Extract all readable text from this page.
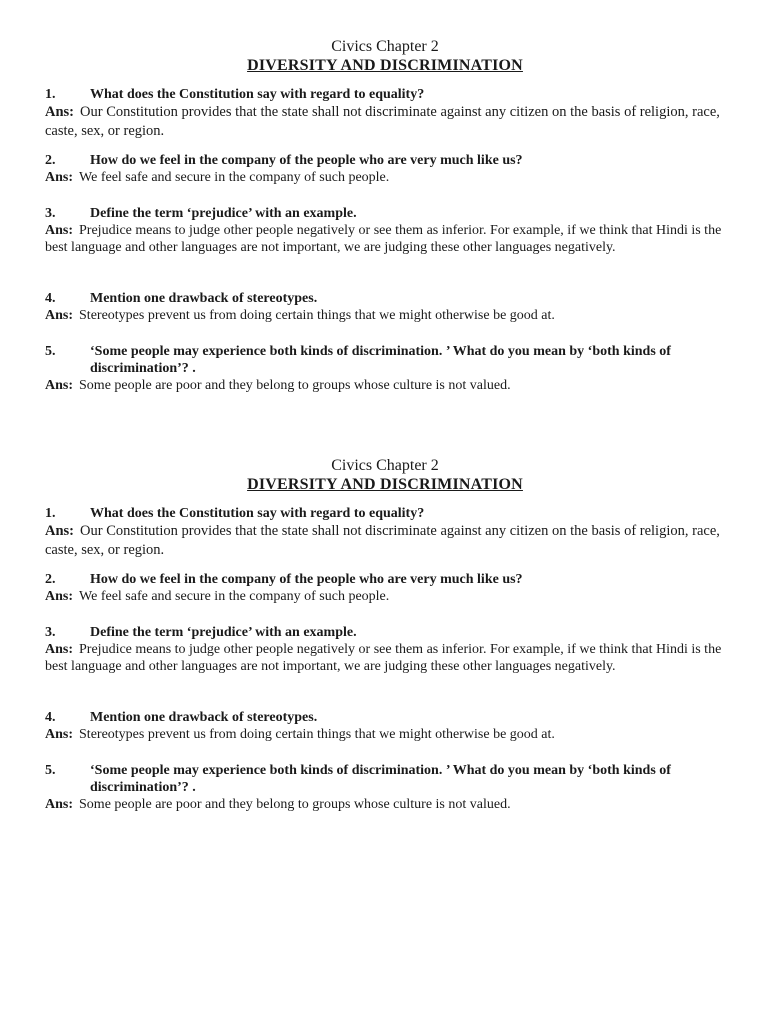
Civics Chapter 2
DIVERSITY AND DISCRIMINATION
1.	What does the Constitution say with regard to equality?
Ans: Our Constitution provides that the state shall not discriminate against any citizen on the basis of religion, race, caste, sex, or region.
2.	How do we feel in the company of the people who are very much like us?
Ans: We feel safe and secure in the company of such people.
3.	Define the term ‘prejudice’ with an example.
Ans: Prejudice means to judge other people negatively or see them as inferior. For example, if we think that Hindi is the best language and other languages are not important, we are judging these other languages negatively.
4.	Mention one drawback of stereotypes.
Ans: Stereotypes prevent us from doing certain things that we might otherwise be good at.
5.	‘Some people may experience both kinds of discrimination. ’ What do you mean by ‘both kinds of discrimination’? .
Ans: Some people are poor and they belong to groups whose culture is not valued.
Civics Chapter 2
DIVERSITY AND DISCRIMINATION
1.	What does the Constitution say with regard to equality?
Ans: Our Constitution provides that the state shall not discriminate against any citizen on the basis of religion, race, caste, sex, or region.
2.	How do we feel in the company of the people who are very much like us?
Ans: We feel safe and secure in the company of such people.
3.	Define the term ‘prejudice’ with an example.
Ans: Prejudice means to judge other people negatively or see them as inferior. For example, if we think that Hindi is the best language and other languages are not important, we are judging these other languages negatively.
4.	Mention one drawback of stereotypes.
Ans: Stereotypes prevent us from doing certain things that we might otherwise be good at.
5.	‘Some people may experience both kinds of discrimination. ’ What do you mean by ‘both kinds of discrimination’? .
Ans: Some people are poor and they belong to groups whose culture is not valued.
